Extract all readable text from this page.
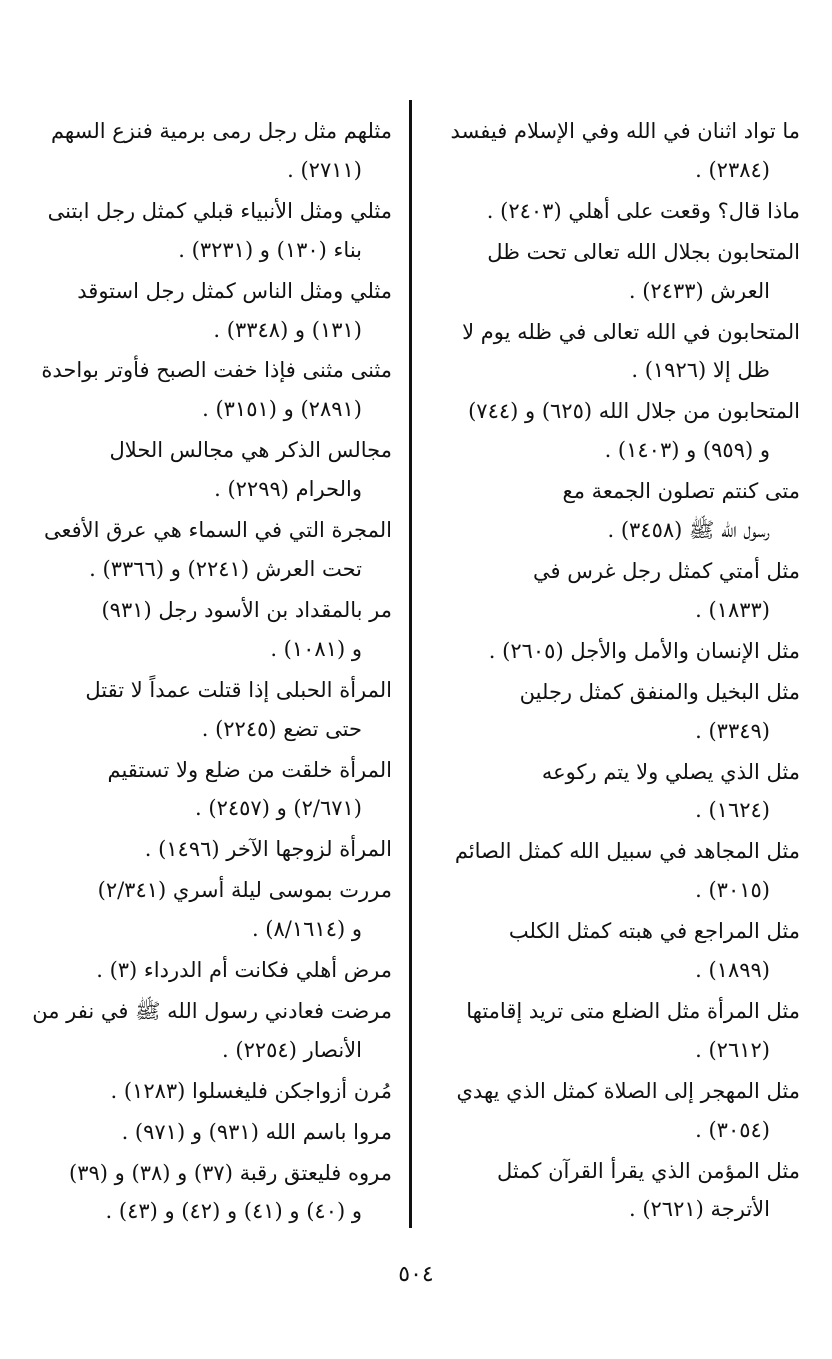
ما تواد اثنان في الله وفي الإسلام فيفسد
(٢٣٨٤) .
ماذا قال؟ وقعت على أهلي (٢٤٠٣) .
المتحابون بجلال الله تعالى تحت ظل
العرش (٢٤٣٣) .
المتحابون في الله تعالى في ظله يوم لا
ظل إلا (١٩٢٦) .
المتحابون من جلال الله (٦٢٥) و (٧٤٤)
و (٩٥٩) و (١٤٠٣) .
متى كنتم تصلون الجمعة مع
رسول الله ﷺ (٣٤٥٨) .
مثل أمتي كمثل رجل غرس في
(١٨٣٣) .
مثل الإنسان والأمل والأجل (٢٦٠٥) .
مثل البخيل والمنفق كمثل رجلين
(٣٣٤٩) .
مثل الذي يصلي ولا يتم ركوعه
(١٦٢٤) .
مثل المجاهد في سبيل الله كمثل الصائم
(٣٠١٥) .
مثل المراجع في هبته كمثل الكلب
(١٨٩٩) .
مثل المرأة مثل الضلع متى تريد إقامتها
(٢٦١٢) .
مثل المهجر إلى الصلاة كمثل الذي يهدي
(٣٠٥٤) .
مثل المؤمن الذي يقرأ القرآن كمثل
الأترجة (٢٦٢١) .
مثلهم مثل رجل رمى برمية فنزع السهم
(٢٧١١) .
مثلي ومثل الأنبياء قبلي كمثل رجل ابتنى
بناء (١٣٠) و (٣٢٣١) .
مثلي ومثل الناس كمثل رجل استوقد
(١٣١) و (٣٣٤٨) .
مثنى مثنى فإذا خفت الصبح فأوتر بواحدة
(٢٨٩١) و (٣١٥١) .
مجالس الذكر هي مجالس الحلال
والحرام (٢٢٩٩) .
المجرة التي في السماء هي عرق الأفعى
تحت العرش (٢٢٤١) و (٣٣٦٦) .
مر بالمقداد بن الأسود رجل (٩٣١)
و (١٠٨١) .
المرأة الحبلى إذا قتلت عمداً لا تقتل
حتى تضع (٢٢٤٥) .
المرأة خلقت من ضلع ولا تستقيم
(٢/٦٧١) و (٢٤٥٧) .
المرأة لزوجها الآخر (١٤٩٦) .
مررت بموسى ليلة أسري (٢/٣٤١)
و (٨/١٦١٤) .
مرض أهلي فكانت أم الدرداء (٣) .
مرضت فعادني رسول الله ﷺ في نفر من
الأنصار (٢٢٥٤) .
مُرن أزواجكن فليغسلوا (١٢٨٣) .
مروا باسم الله (٩٣١) و (٩٧١) .
مروه فليعتق رقبة (٣٧) و (٣٨) و (٣٩)
و (٤٠) و (٤١) و (٤٢) و (٤٣) .
٥٠٤
